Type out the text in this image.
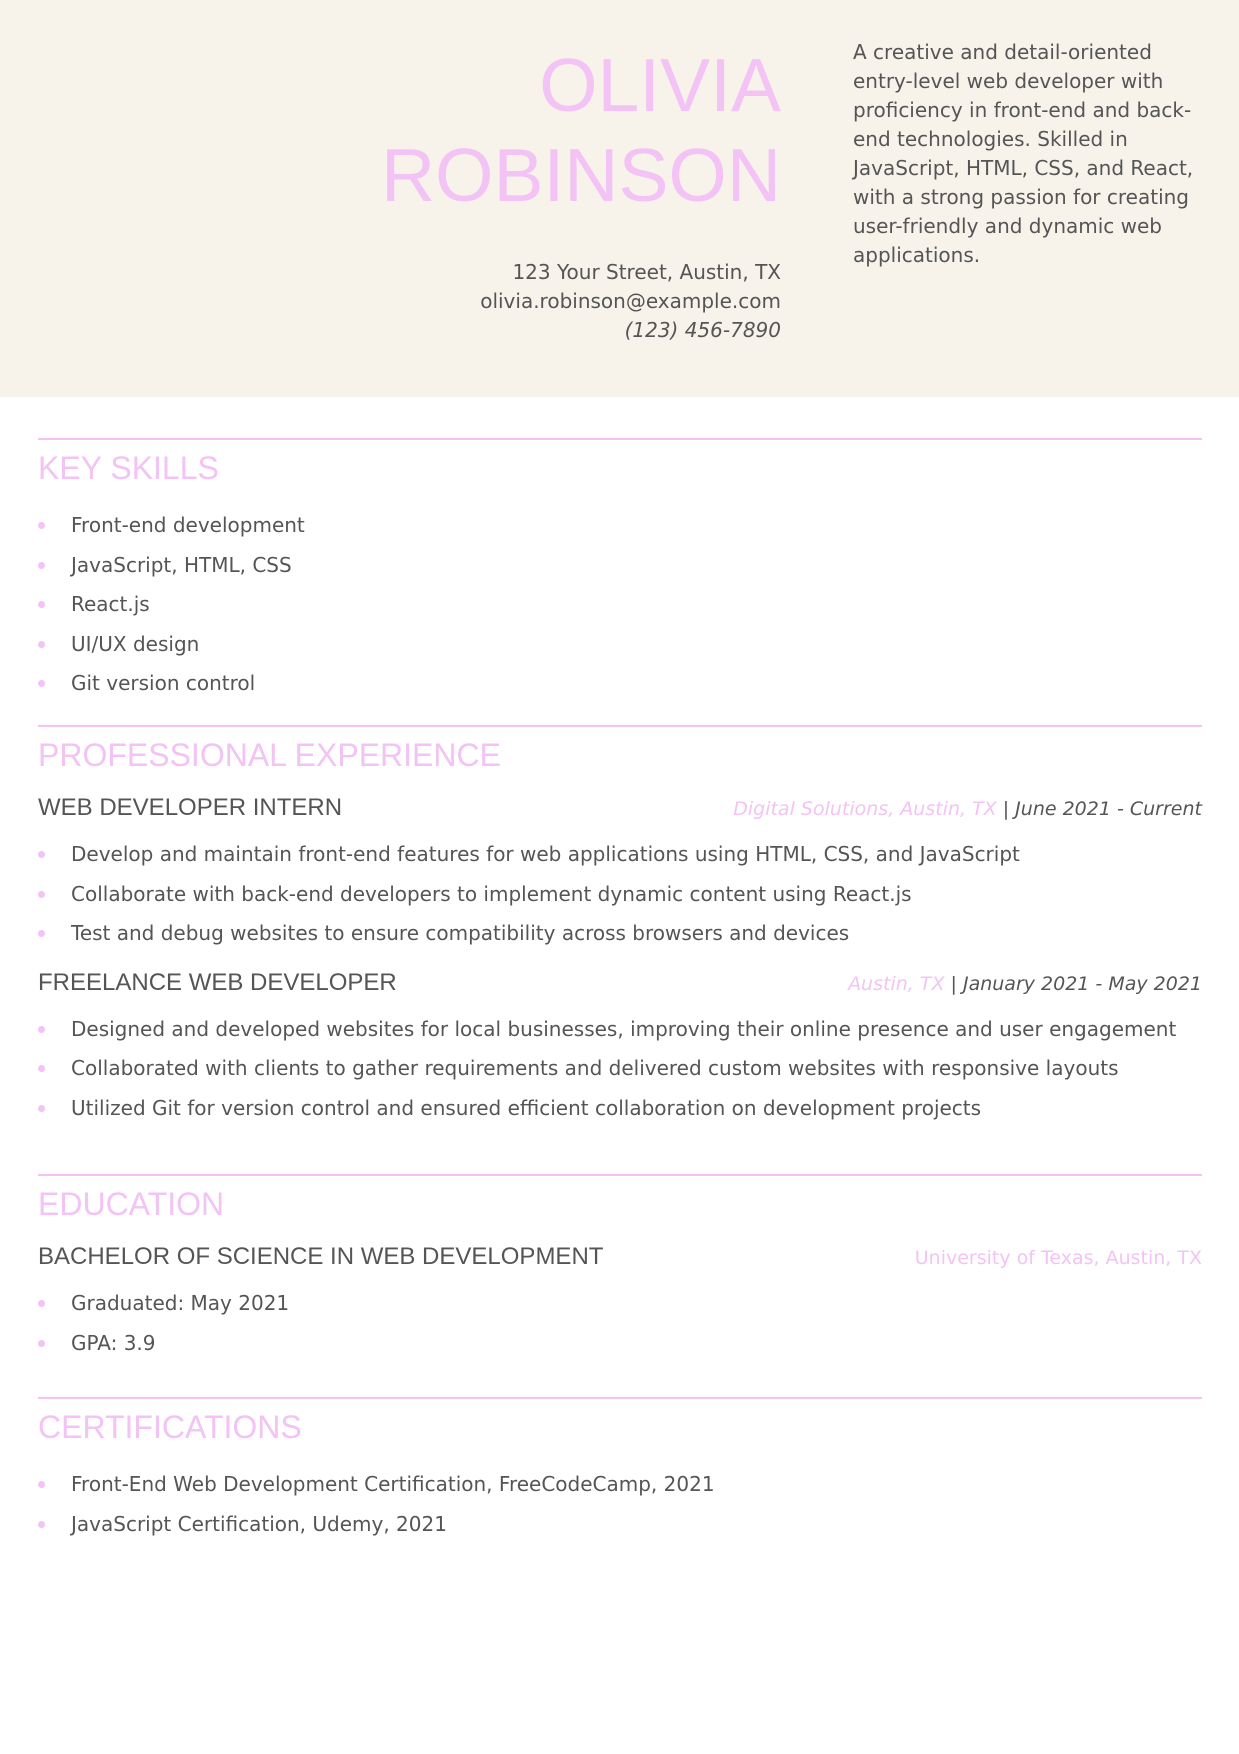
OLIVIA
ROBINSON
123 Your Street, Austin, TX
olivia.robinson@example.com
(123) 456-7890
A creative and detail-oriented entry-level web developer with proficiency in front-end and back-end technologies. Skilled in JavaScript, HTML, CSS, and React, with a strong passion for creating user-friendly and dynamic web applications.
KEY SKILLS
Front-end development
JavaScript, HTML, CSS
React.js
UI/UX design
Git version control
PROFESSIONAL EXPERIENCE
WEB DEVELOPER INTERN	Digital Solutions, Austin, TX | June 2021 - Current
Develop and maintain front-end features for web applications using HTML, CSS, and JavaScript
Collaborate with back-end developers to implement dynamic content using React.js
Test and debug websites to ensure compatibility across browsers and devices
FREELANCE WEB DEVELOPER	Austin, TX | January 2021 - May 2021
Designed and developed websites for local businesses, improving their online presence and user engagement
Collaborated with clients to gather requirements and delivered custom websites with responsive layouts
Utilized Git for version control and ensured efficient collaboration on development projects
EDUCATION
BACHELOR OF SCIENCE IN WEB DEVELOPMENT	University of Texas, Austin, TX
Graduated: May 2021
GPA: 3.9
CERTIFICATIONS
Front-End Web Development Certification, FreeCodeCamp, 2021
JavaScript Certification, Udemy, 2021
